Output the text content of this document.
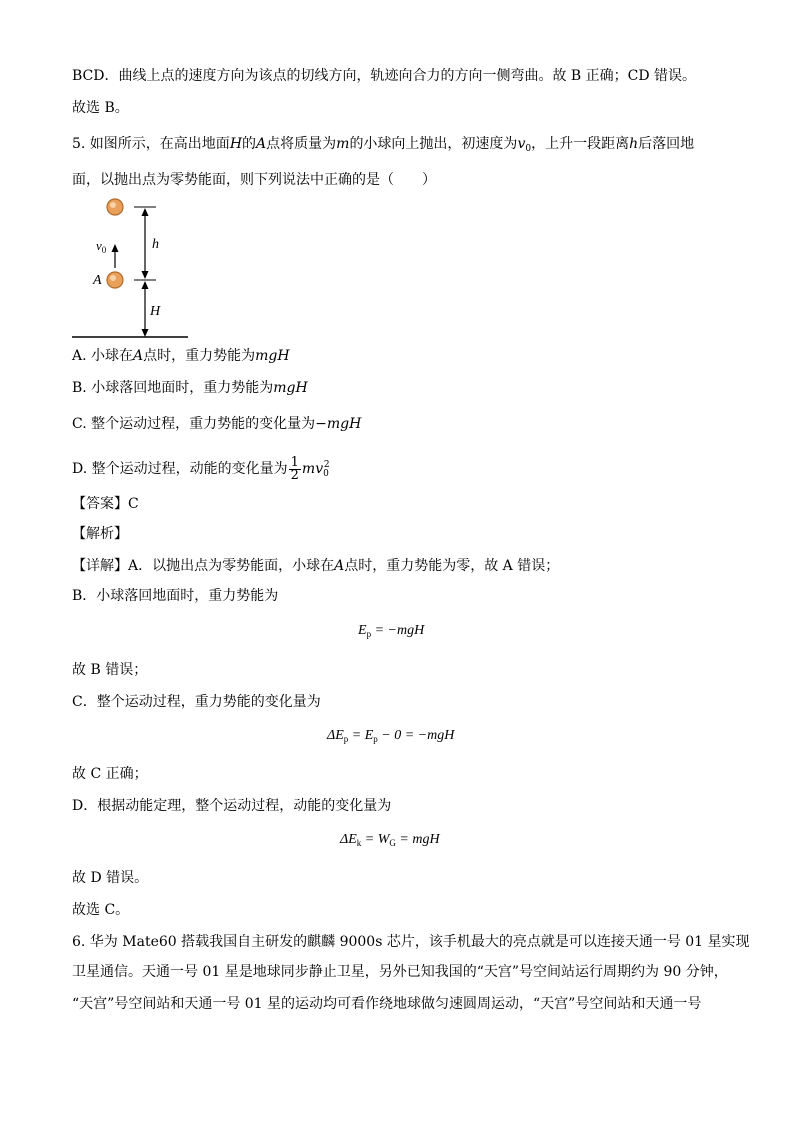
BCD．曲线上点的速度方向为该点的切线方向，轨迹向合力的方向一侧弯曲。故 B 正确；CD 错误。
故选 B。
5. 如图所示，在高出地面H的A点将质量为m的小球向上抛出，初速度为$v_0$，上升一段距离h后落回地
面，以抛出点为零势能面，则下列说法中正确的是（　　）
$v_0$
A
h
H
A. 小球在A点时，重力势能为mgH
B. 小球落回地面时，重力势能为mgH
C. 整个运动过程，重力势能的变化量为−mgH
D. 整个运动过程，动能的变化量为 $\frac{1}{2} mv_0^2$
【答案】C
【解析】
【详解】A．以抛出点为零势能面，小球在A点时，重力势能为零，故 A 错误；
B．小球落回地面时，重力势能为
$E_p = -mgH$
故 B 错误；
C．整个运动过程，重力势能的变化量为
$\Delta E_p = E_p - 0 = -mgH$
故 C 正确；
D．根据动能定理，整个运动过程，动能的变化量为
$\Delta E_k = W_G$ = mgH
故 D 错误。
故选 C。
6. 华为 Mate60 搭载我国自主研发的麒麟 9000s 芯片，该手机最大的亮点就是可以连接天通一号 01 星实现
卫星通信。天通一号 01 星是地球同步静止卫星，另外已知我国的“天宫”号空间站运行周期约为 90 分钟，
“天宫”号空间站和天通一号 01 星的运动均可看作绕地球做匀速圆周运动，“天宫”号空间站和天通一号
